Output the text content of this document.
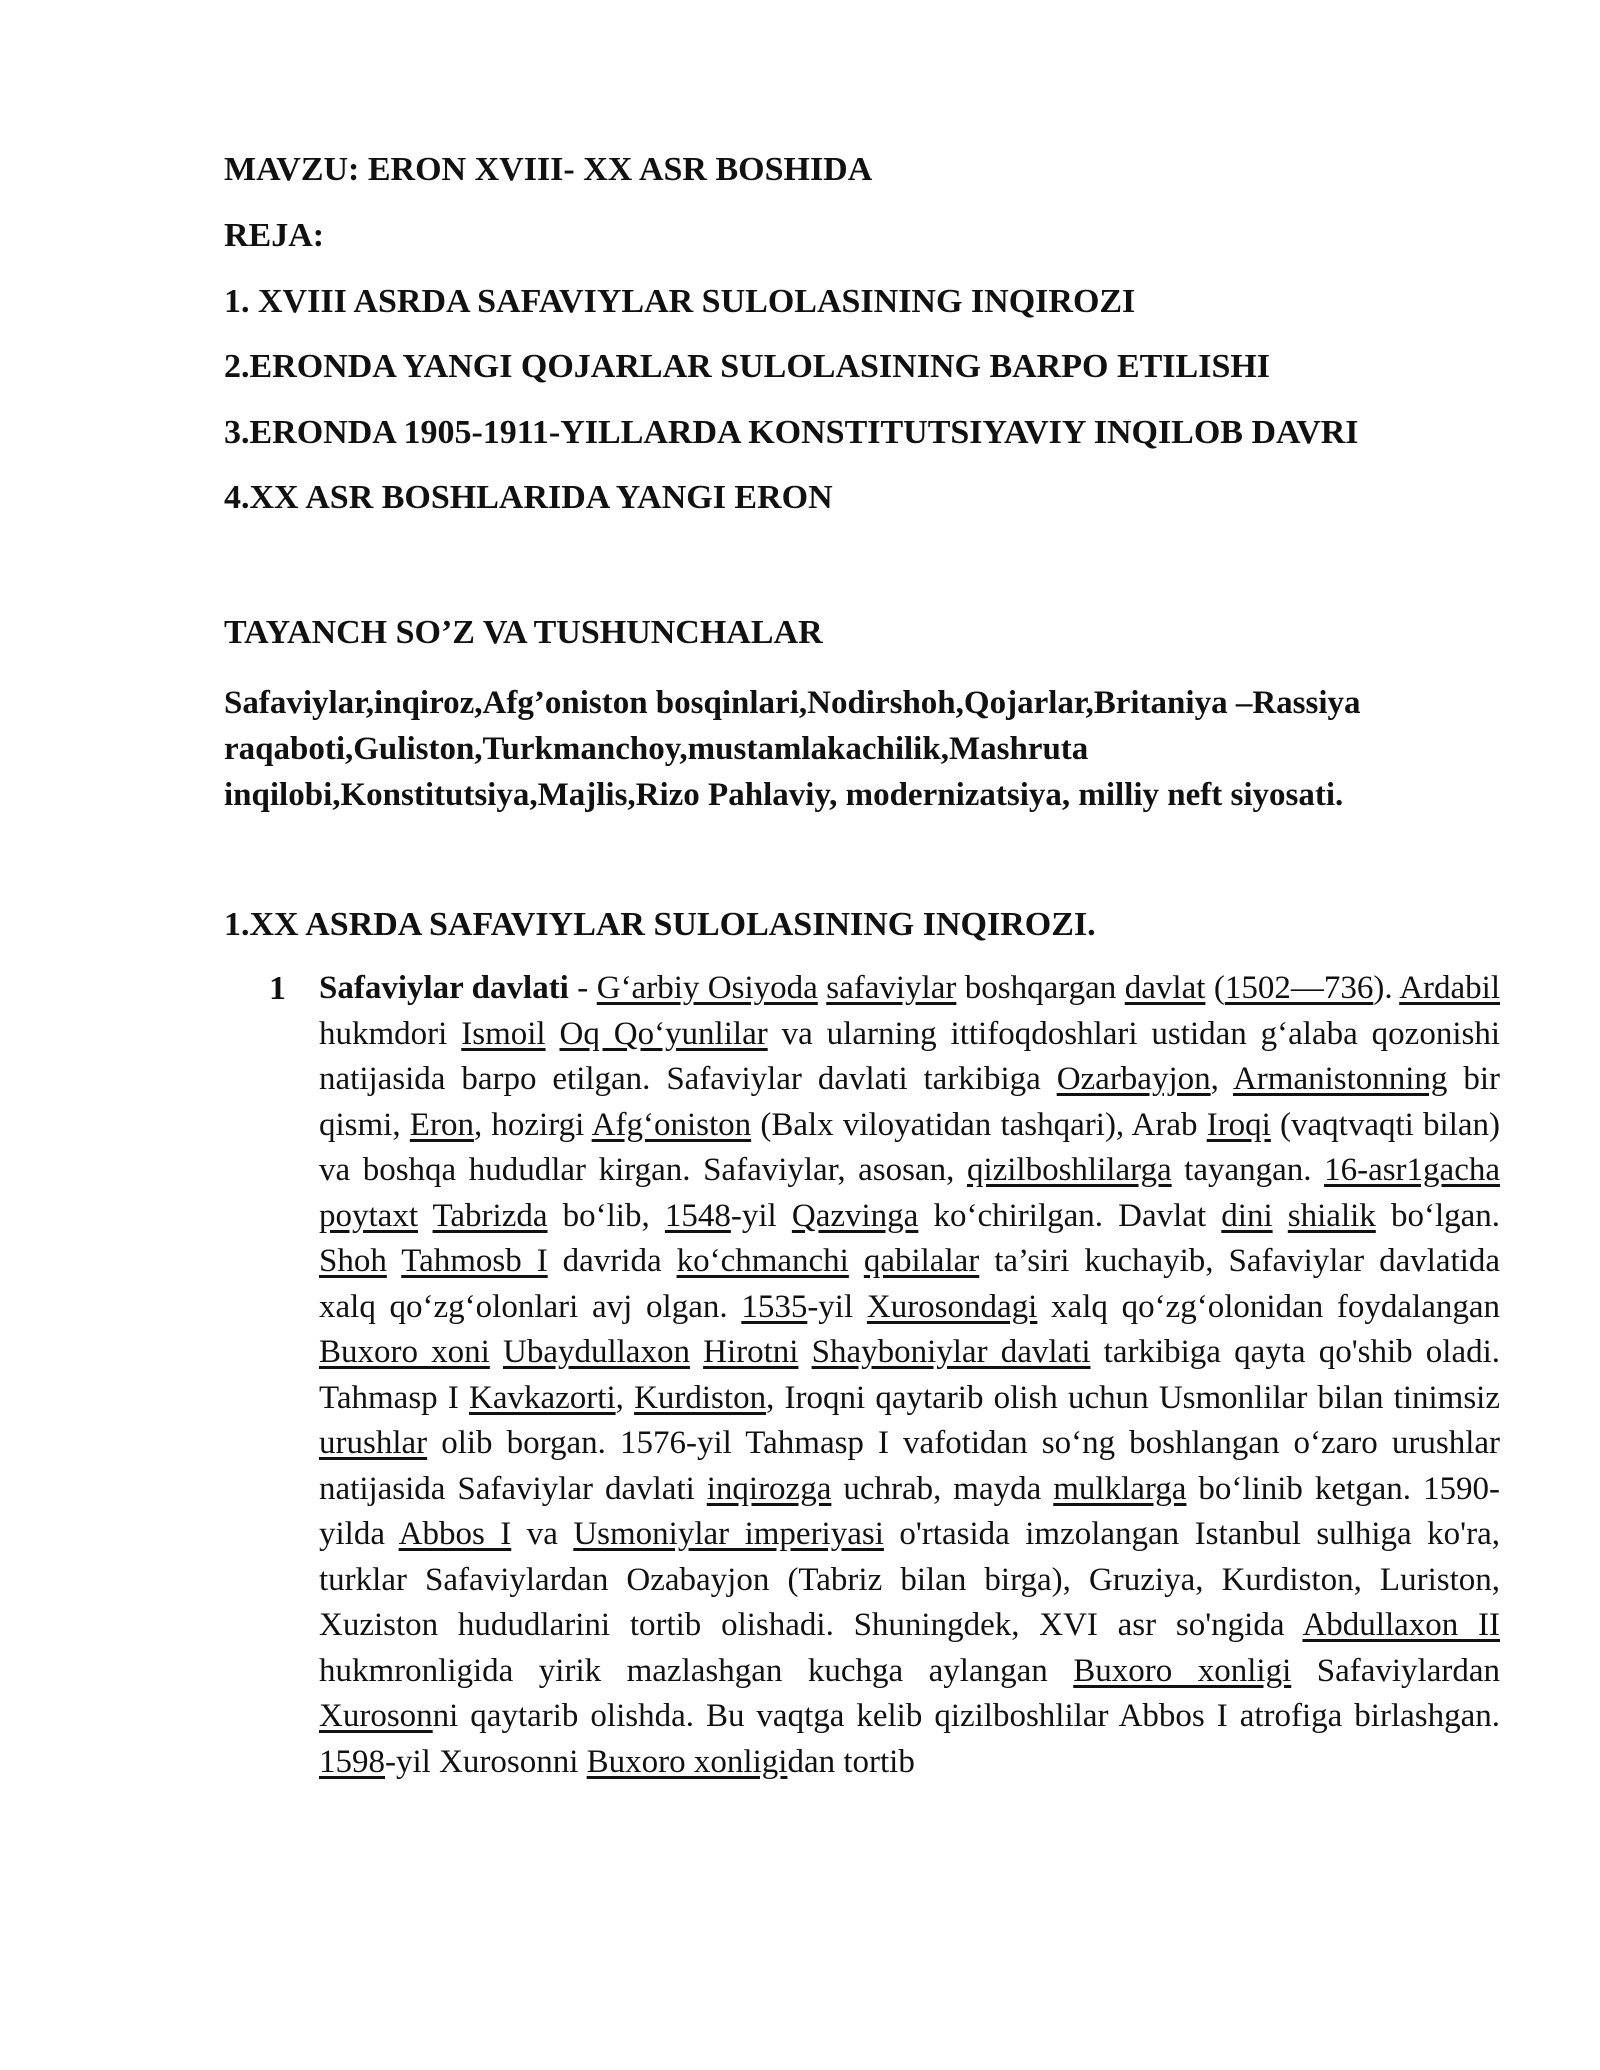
MAVZU: ERON XVIII- XX ASR BOSHIDA
REJA:
1. XVIII ASRDA SAFAVIYLAR SULOLASINING INQIROZI
2.ERONDA YANGI QOJARLAR SULOLASINING BARPO ETILISHI
3.ERONDA 1905-1911-YILLARDA KONSTITUTSIYAVIY INQILOB DAVRI
4.XX ASR BOSHLARIDA YANGI ERON
TAYANCH SO’Z VA TUSHUNCHALAR
Safaviylar,inqiroz,Afg’oniston bosqinlari,Nodirshoh,Qojarlar,Britaniya –Rassiya raqaboti,Guliston,Turkmanchoy,mustamlakachilik,Mashruta inqilobi,Konstitutsiya,Majlis,Rizo Pahlaviy, modernizatsiya, milliy neft siyosati.
1.XX ASRDA SAFAVIYLAR SULOLASINING INQIROZI.
1 Safaviylar davlati - G‘arbiy Osiyoda safaviylar boshqargan davlat (1502—736). Ardabil hukmdori Ismoil Oq Qo‘yunlilar va ularning ittifoqdoshlari ustidan g‘alaba qozonishi natijasida barpo etilgan. Safaviylar davlati tarkibiga Ozarbayjon, Armanistonning bir qismi, Eron, hozirgi Afg‘oniston (Balx viloyatidan tashqari), Arab Iroqi (vaqtvaqti bilan) va boshqa hududlar kirgan. Safaviylar, asosan, qizilboshlilarga tayangan. 16-asr1gacha poytaxt Tabrizda bo‘lib, 1548-yil Qazvinga ko‘chirilgan. Davlat dini shialik bo‘lgan. Shoh Tahmosb I davrida ko‘chmanchi qabilalar ta’siri kuchayib, Safaviylar davlatida xalq qo‘zg‘olonlari avj olgan. 1535-yil Xurosondagi xalq qo‘zg‘olonidan foydalangan Buxoro xoni Ubaydullaxon Hirotni Shayboniylar davlati tarkibiga qayta qo'shib oladi. Tahmasp I Kavkazorti, Kurdiston, Iroqni qaytarib olish uchun Usmonlilar bilan tinimsiz urushlar olib borgan. 1576-yil Tahmasp I vafotidan so‘ng boshlangan o‘zaro urushlar natijasida Safaviylar davlati inqirozga uchrab, mayda mulklarga bo‘linib ketgan. 1590-yilda Abbos I va Usmoniylar imperiyasi o'rtasida imzolangan Istanbul sulhiga ko'ra, turklar Safaviylardan Ozabayjon (Tabriz bilan birga), Gruziya, Kurdiston, Luriston, Xuziston hududlarini tortib olishadi. Shuningdek, XVI asr so'ngida Abdullaxon II hukmronligida yirik mazlashgan kuchga aylangan Buxoro xonligi Safaviylardan Xurosonni qaytarib olishda. Bu vaqtga kelib qizilboshlilar Abbos I atrofiga birlashgan. 1598-yil Xurosonni Buxoro xonligidan tortib
